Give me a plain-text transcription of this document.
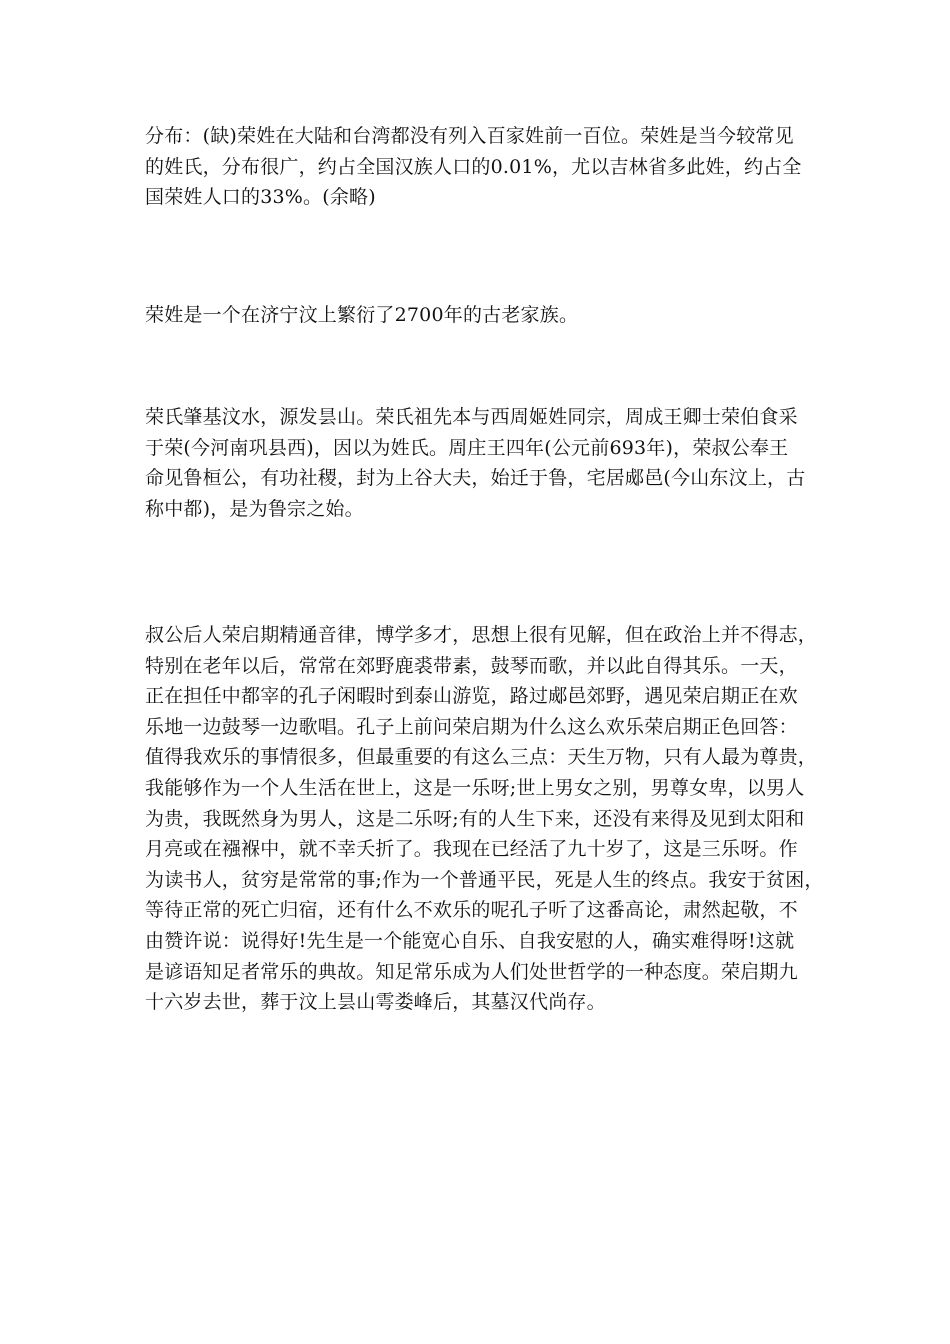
分布：(缺)荣姓在大陆和台湾都没有列入百家姓前一百位。荣姓是当今较常见
的姓氏，分布很广，约占全国汉族人口的0.01%，尤以吉林省多此姓，约占全
国荣姓人口的33%。(余略)

荣姓是一个在济宁汶上繁衍了2700年的古老家族。

荣氏肇基汶水，源发昙山。荣氏祖先本与西周姬姓同宗，周成王卿士荣伯食采
于荣(今河南巩县西)，因以为姓氏。周庄王四年(公元前693年)，荣叔公奉王
命见鲁桓公，有功社稷，封为上谷大夫，始迁于鲁，宅居郕邑(今山东汶上，古
称中都)，是为鲁宗之始。

叔公后人荣启期精通音律，博学多才，思想上很有见解，但在政治上并不得志，
特别在老年以后，常常在郊野鹿裘带素，鼓琴而歌，并以此自得其乐。一天，
正在担任中都宰的孔子闲暇时到泰山游览，路过郕邑郊野，遇见荣启期正在欢
乐地一边鼓琴一边歌唱。孔子上前问荣启期为什么这么欢乐荣启期正色回答：
值得我欢乐的事情很多，但最重要的有这么三点：天生万物，只有人最为尊贵，
我能够作为一个人生活在世上，这是一乐呀;世上男女之别，男尊女卑，以男人
为贵，我既然身为男人，这是二乐呀;有的人生下来，还没有来得及见到太阳和
月亮或在襁褓中，就不幸夭折了。我现在已经活了九十岁了，这是三乐呀。作
为读书人，贫穷是常常的事;作为一个普通平民，死是人生的终点。我安于贫困，
等待正常的死亡归宿，还有什么不欢乐的呢孔子听了这番高论，肃然起敬，不
由赞许说：说得好!先生是一个能宽心自乐、自我安慰的人，确实难得呀!这就
是谚语知足者常乐的典故。知足常乐成为人们处世哲学的一种态度。荣启期九
十六岁去世，葬于汶上昙山雩娄峰后，其墓汉代尚存。
